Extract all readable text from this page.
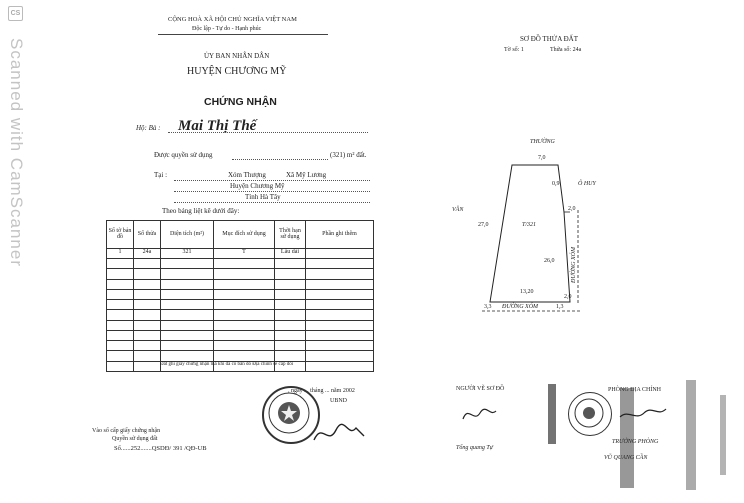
CS
Scanned with CamScanner
CỘNG HOÀ XÃ HỘI CHỦ NGHĨA VIỆT NAM
Độc lập - Tự do - Hạnh phúc
ỦY BAN NHÂN DÂN
HUYỆN CHƯƠNG MỸ
CHỨNG NHẬN
Hộ: Bà : Mai Thị Thế
Được quyền sử dụng	(321) m² đất.
Tại :	Xóm Thượng	Xã Mỹ Lương
Huyện Chương Mỹ
Tỉnh Hà Tây
Theo bảng liệt kê dưới đây:
Số tờ bản đồ	Số thửa	Diện tích (m²)	Mục đích sử dụng	Thời hạn sử dụng	Phần ghi thêm
1	24a	321	T	Lâu dài	

Đất ghi giấy chứng nhận mà khi đã có bản đồ Địa chính sẽ cấp đổi
, ngày ... tháng ... năm 2002
UBND
Vào sổ cấp giấy chứng nhận
Quyền sử dụng đất
Số......252.......QSDĐ/ 391 /QĐ-UB
SƠ ĐỒ THỬA ĐẤT
Tờ số: 1	Thửa số: 24a
THƯỜNG
7,0
0,9	Ô HUY
2,0
VĂN
27,0	T/321
26,0	ĐƯỜNG XÓM
13,20
2,0
3,3 ĐƯỜNG XÓM	1,3
NGƯỜI VẼ SƠ ĐỒ
Tống quang Tự
PHÒNG ĐỊA CHÍNH
TRƯỞNG PHÒNG
VŨ QUANG CẦN
